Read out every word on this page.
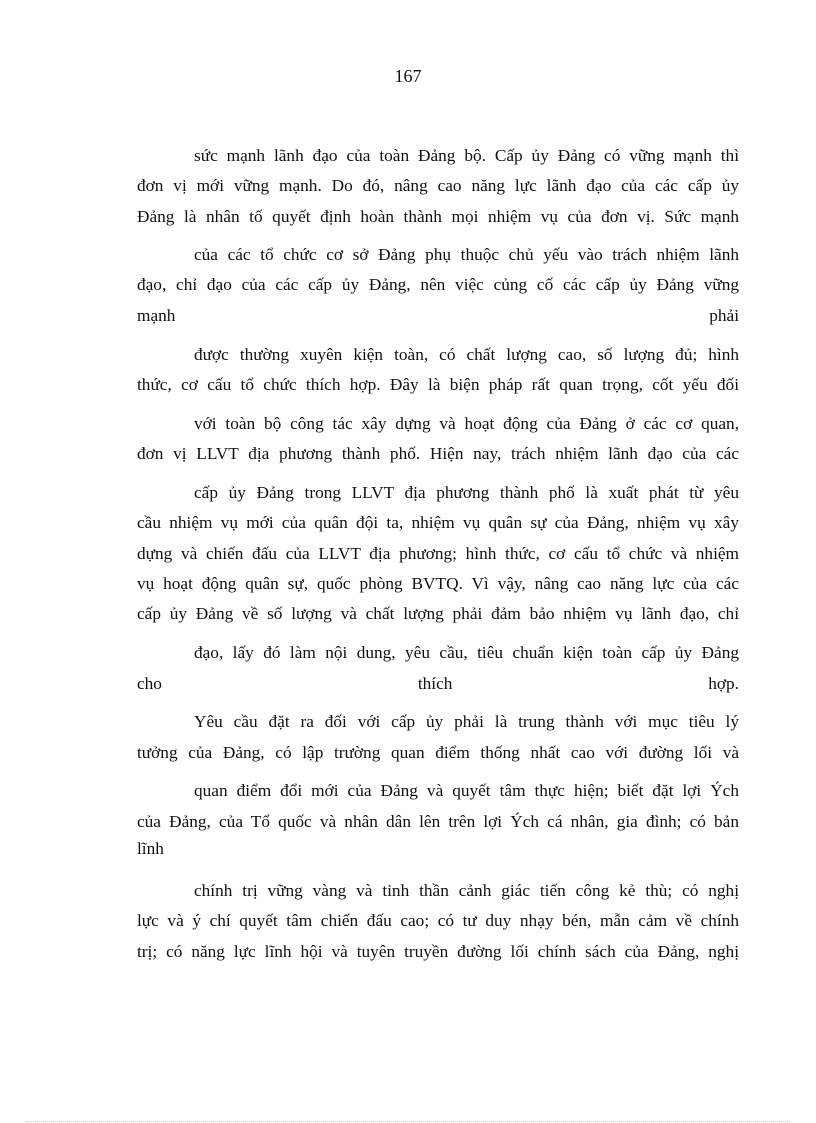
167
sức mạnh lãnh đạo của toàn Đảng bộ. Cấp ủy Đảng có vững mạnh thì
đơn vị mới vững mạnh. Do đó, nâng cao năng lực lãnh đạo của các cấp ủy
Đảng là nhân tố quyết định hoàn thành mọi nhiệm vụ của đơn vị. Sức mạnh
của các tổ chức cơ sở Đảng phụ thuộc chủ yếu vào trách nhiệm lãnh
đạo, chỉ đạo của các cấp ủy Đảng, nên việc củng cố các cấp ủy Đảng vững
mạnh phải
được thường xuyên kiện toàn, có chất lượng cao, số lượng đủ; hình
thức, cơ cấu tổ chức thích hợp. Đây là biện pháp rất quan trọng, cốt yếu đối
với toàn bộ công tác xây dựng và hoạt động của Đảng ở các cơ quan,
đơn vị LLVT địa phương thành phố. Hiện nay, trách nhiệm lãnh đạo của các
cấp ủy Đảng trong LLVT địa phương thành phố là xuất phát từ yêu
cầu nhiệm vụ mới của quân đội ta, nhiệm vụ quân sự của Đảng, nhiệm vụ xây
dựng và chiến đấu của LLVT địa phương; hình thức, cơ cấu tổ chức và nhiệm
vụ hoạt động quân sự, quốc phòng BVTQ. Vì vậy, nâng cao năng lực của các
cấp ủy Đảng về số lượng và chất lượng phải đảm bảo nhiệm vụ lãnh đạo, chỉ
đạo, lấy đó làm nội dung, yêu cầu, tiêu chuẩn kiện toàn cấp ủy Đảng
cho thích hợp.
Yêu cầu đặt ra đối với cấp ủy phải là trung thành với mục tiêu lý
tưởng của Đảng, có lập trường quan điểm thống nhất cao với đường lối và
quan điểm đổi mới của Đảng và quyết tâm thực hiện; biết đặt lợi Ých
của Đảng, của Tổ quốc và nhân dân lên trên lợi Ých cá nhân, gia đình; có bản
lĩnh
chính trị vững vàng và tinh thần cảnh giác tiến công kẻ thù; có nghị
lực và ý chí quyết tâm chiến đấu cao; có tư duy nhạy bén, mẫn cảm về chính
trị; có năng lực lĩnh hội và tuyên truyền đường lối chính sách của Đảng, nghị
